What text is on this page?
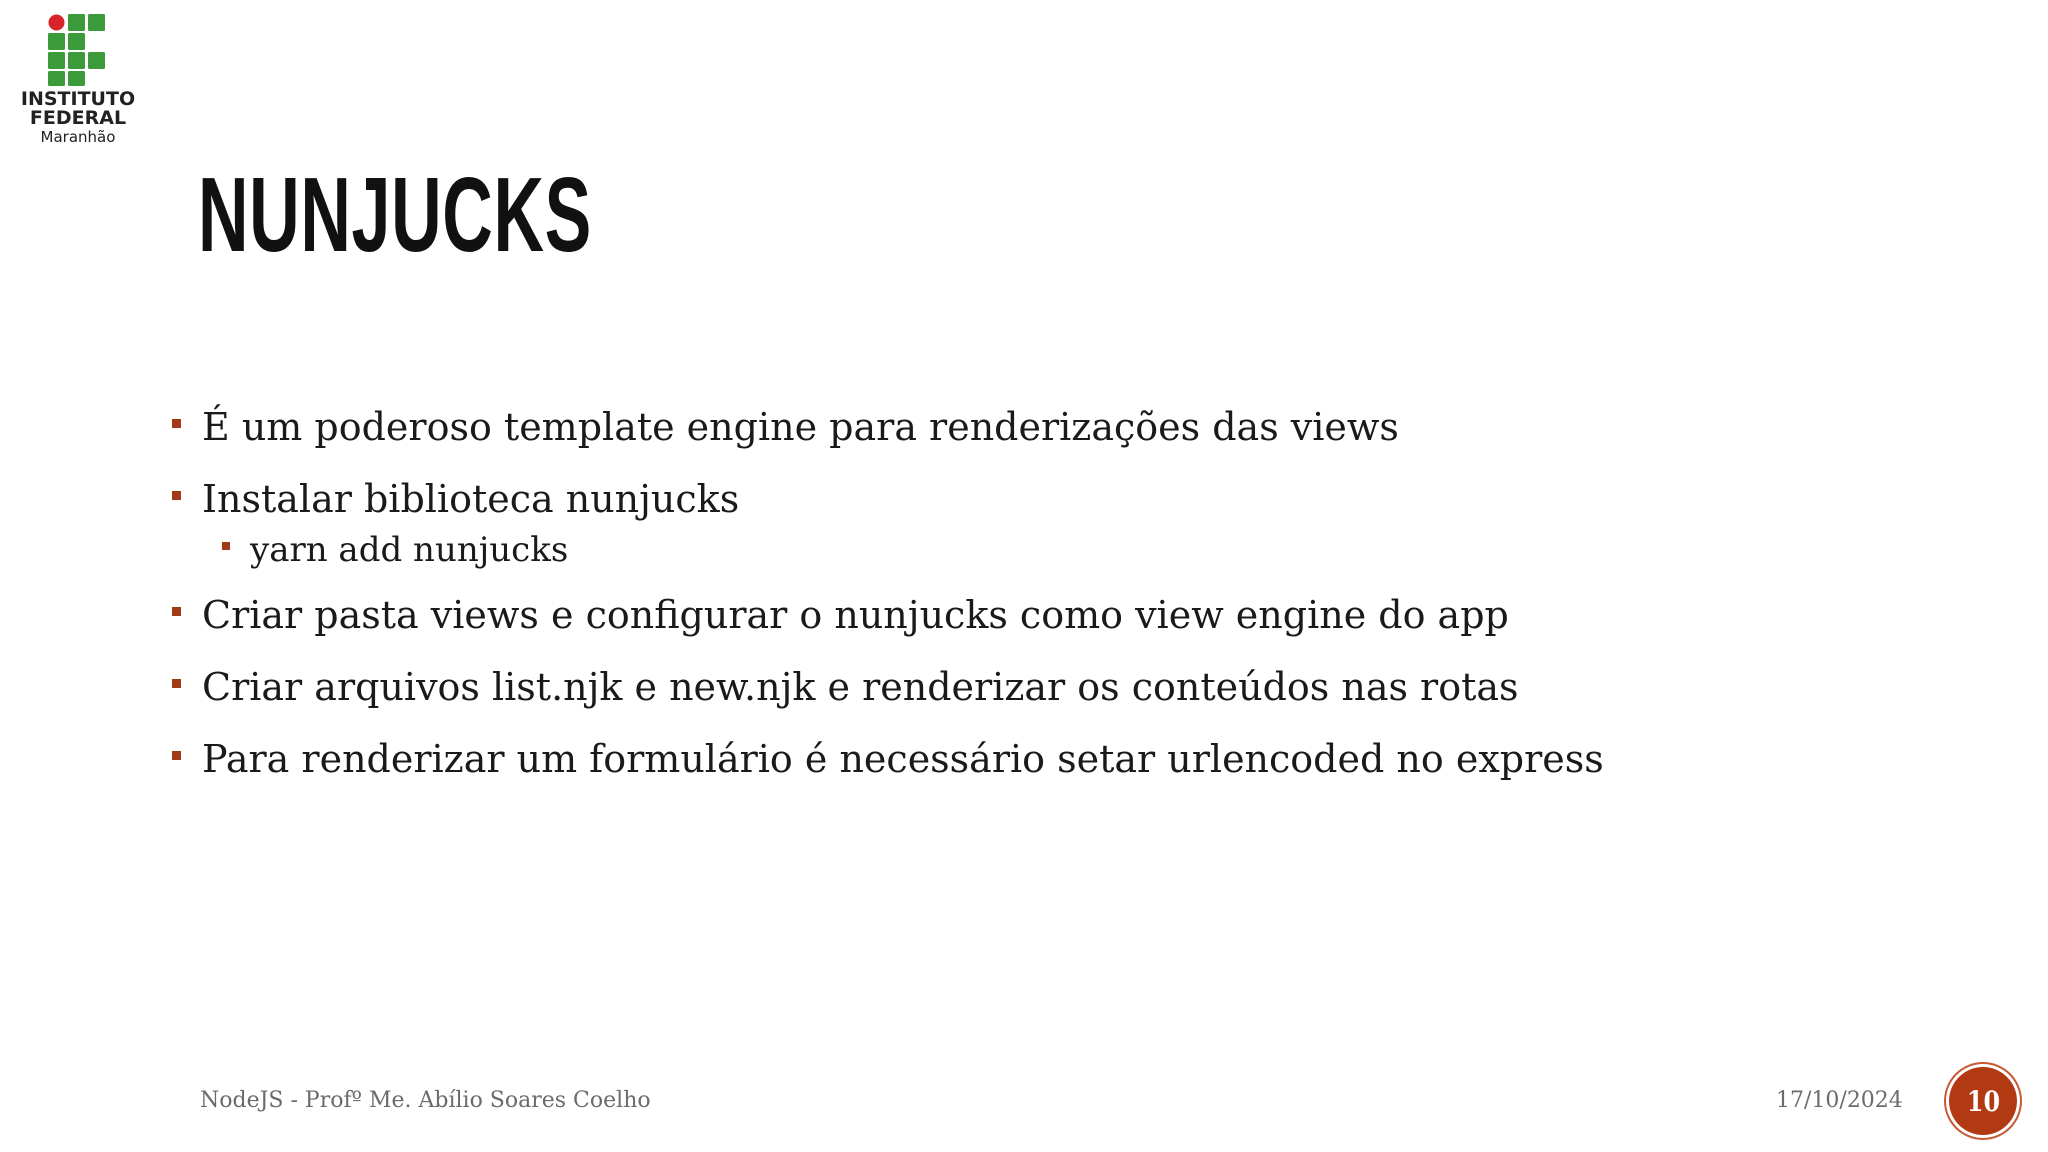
INSTITUTO
FEDERAL
Maranhão
NUNJUCKS
É um poderoso template engine para renderizações das views
Instalar biblioteca nunjucks
yarn add nunjucks
Criar pasta views e configurar o nunjucks como view engine do app
Criar arquivos list.njk e new.njk e renderizar os conteúdos nas rotas
Para renderizar um formulário é necessário setar urlencoded no express
NodeJS - Profº Me. Abílio Soares Coelho	17/10/2024 10
